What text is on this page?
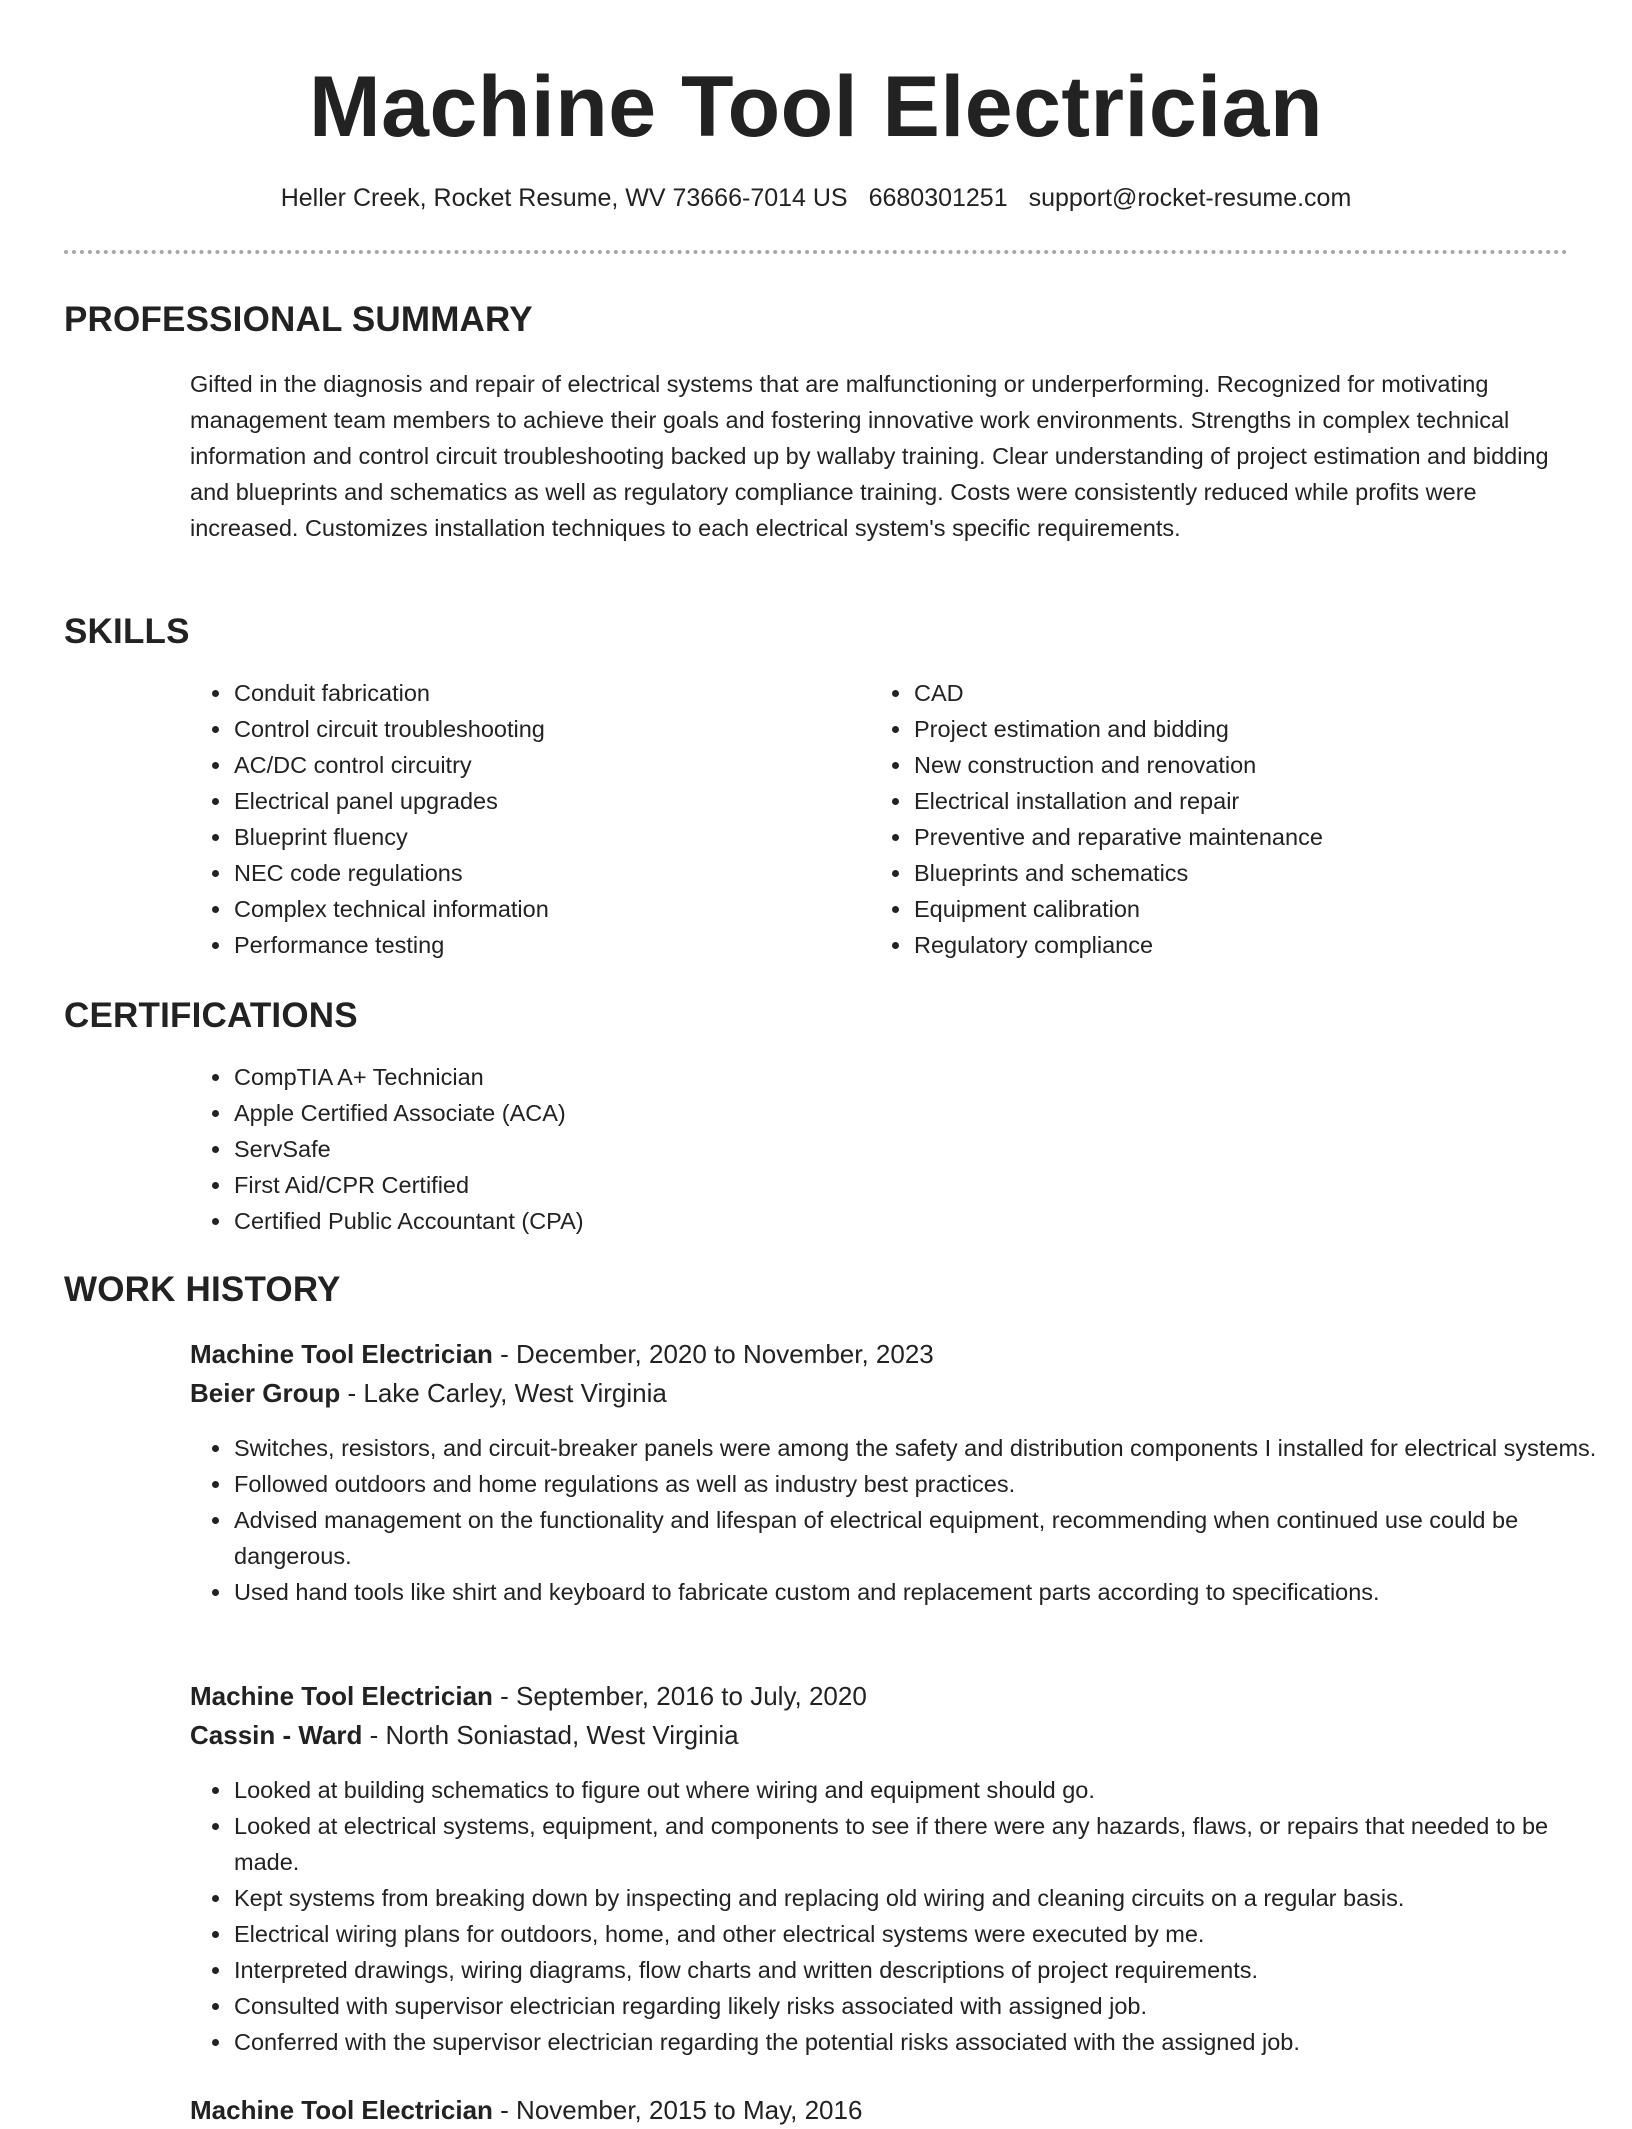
Machine Tool Electrician
Heller Creek, Rocket Resume, WV 73666-7014 US 6680301251 support@rocket-resume.com
PROFESSIONAL SUMMARY

Gifted in the diagnosis and repair of electrical systems that are malfunctioning or underperforming. Recognized for motivating management team members to achieve their goals and fostering innovative work environments. Strengths in complex technical information and control circuit troubleshooting backed up by wallaby training. Clear understanding of project estimation and bidding and blueprints and schematics as well as regulatory compliance training. Costs were consistently reduced while profits were increased. Customizes installation techniques to each electrical system's specific requirements.

SKILLS
• Conduit fabrication
• Control circuit troubleshooting
• AC/DC control circuitry
• Electrical panel upgrades
• Blueprint fluency
• NEC code regulations
• Complex technical information
• Performance testing
• CAD
• Project estimation and bidding
• New construction and renovation
• Electrical installation and repair
• Preventive and reparative maintenance
• Blueprints and schematics
• Equipment calibration
• Regulatory compliance
CERTIFICATIONS
• CompTIA A+ Technician
• Apple Certified Associate (ACA)
• ServSafe
• First Aid/CPR Certified
• Certified Public Accountant (CPA)
WORK HISTORY

Machine Tool Electrician - December, 2020 to November, 2023

Beier Group - Lake Carley, West Virginia

• Switches, resistors, and circuit-breaker panels were among the safety and distribution components I installed for electrical systems.
• Followed outdoors and home regulations as well as industry best practices.
• Advised management on the functionality and lifespan of electrical equipment, recommending when continued use could be dangerous.
• Used hand tools like shirt and keyboard to fabricate custom and replacement parts according to specifications.

Machine Tool Electrician - September, 2016 to July, 2020

Cassin - Ward - North Soniastad, West Virginia

• Looked at building schematics to figure out where wiring and equipment should go.
• Looked at electrical systems, equipment, and components to see if there were any hazards, flaws, or repairs that needed to be made.
• Kept systems from breaking down by inspecting and replacing old wiring and cleaning circuits on a regular basis.
• Electrical wiring plans for outdoors, home, and other electrical systems were executed by me.
• Interpreted drawings, wiring diagrams, flow charts and written descriptions of project requirements.
• Consulted with supervisor electrician regarding likely risks associated with assigned job.
• Conferred with the supervisor electrician regarding the potential risks associated with the assigned job.

Machine Tool Electrician - November, 2015 to May, 2016
